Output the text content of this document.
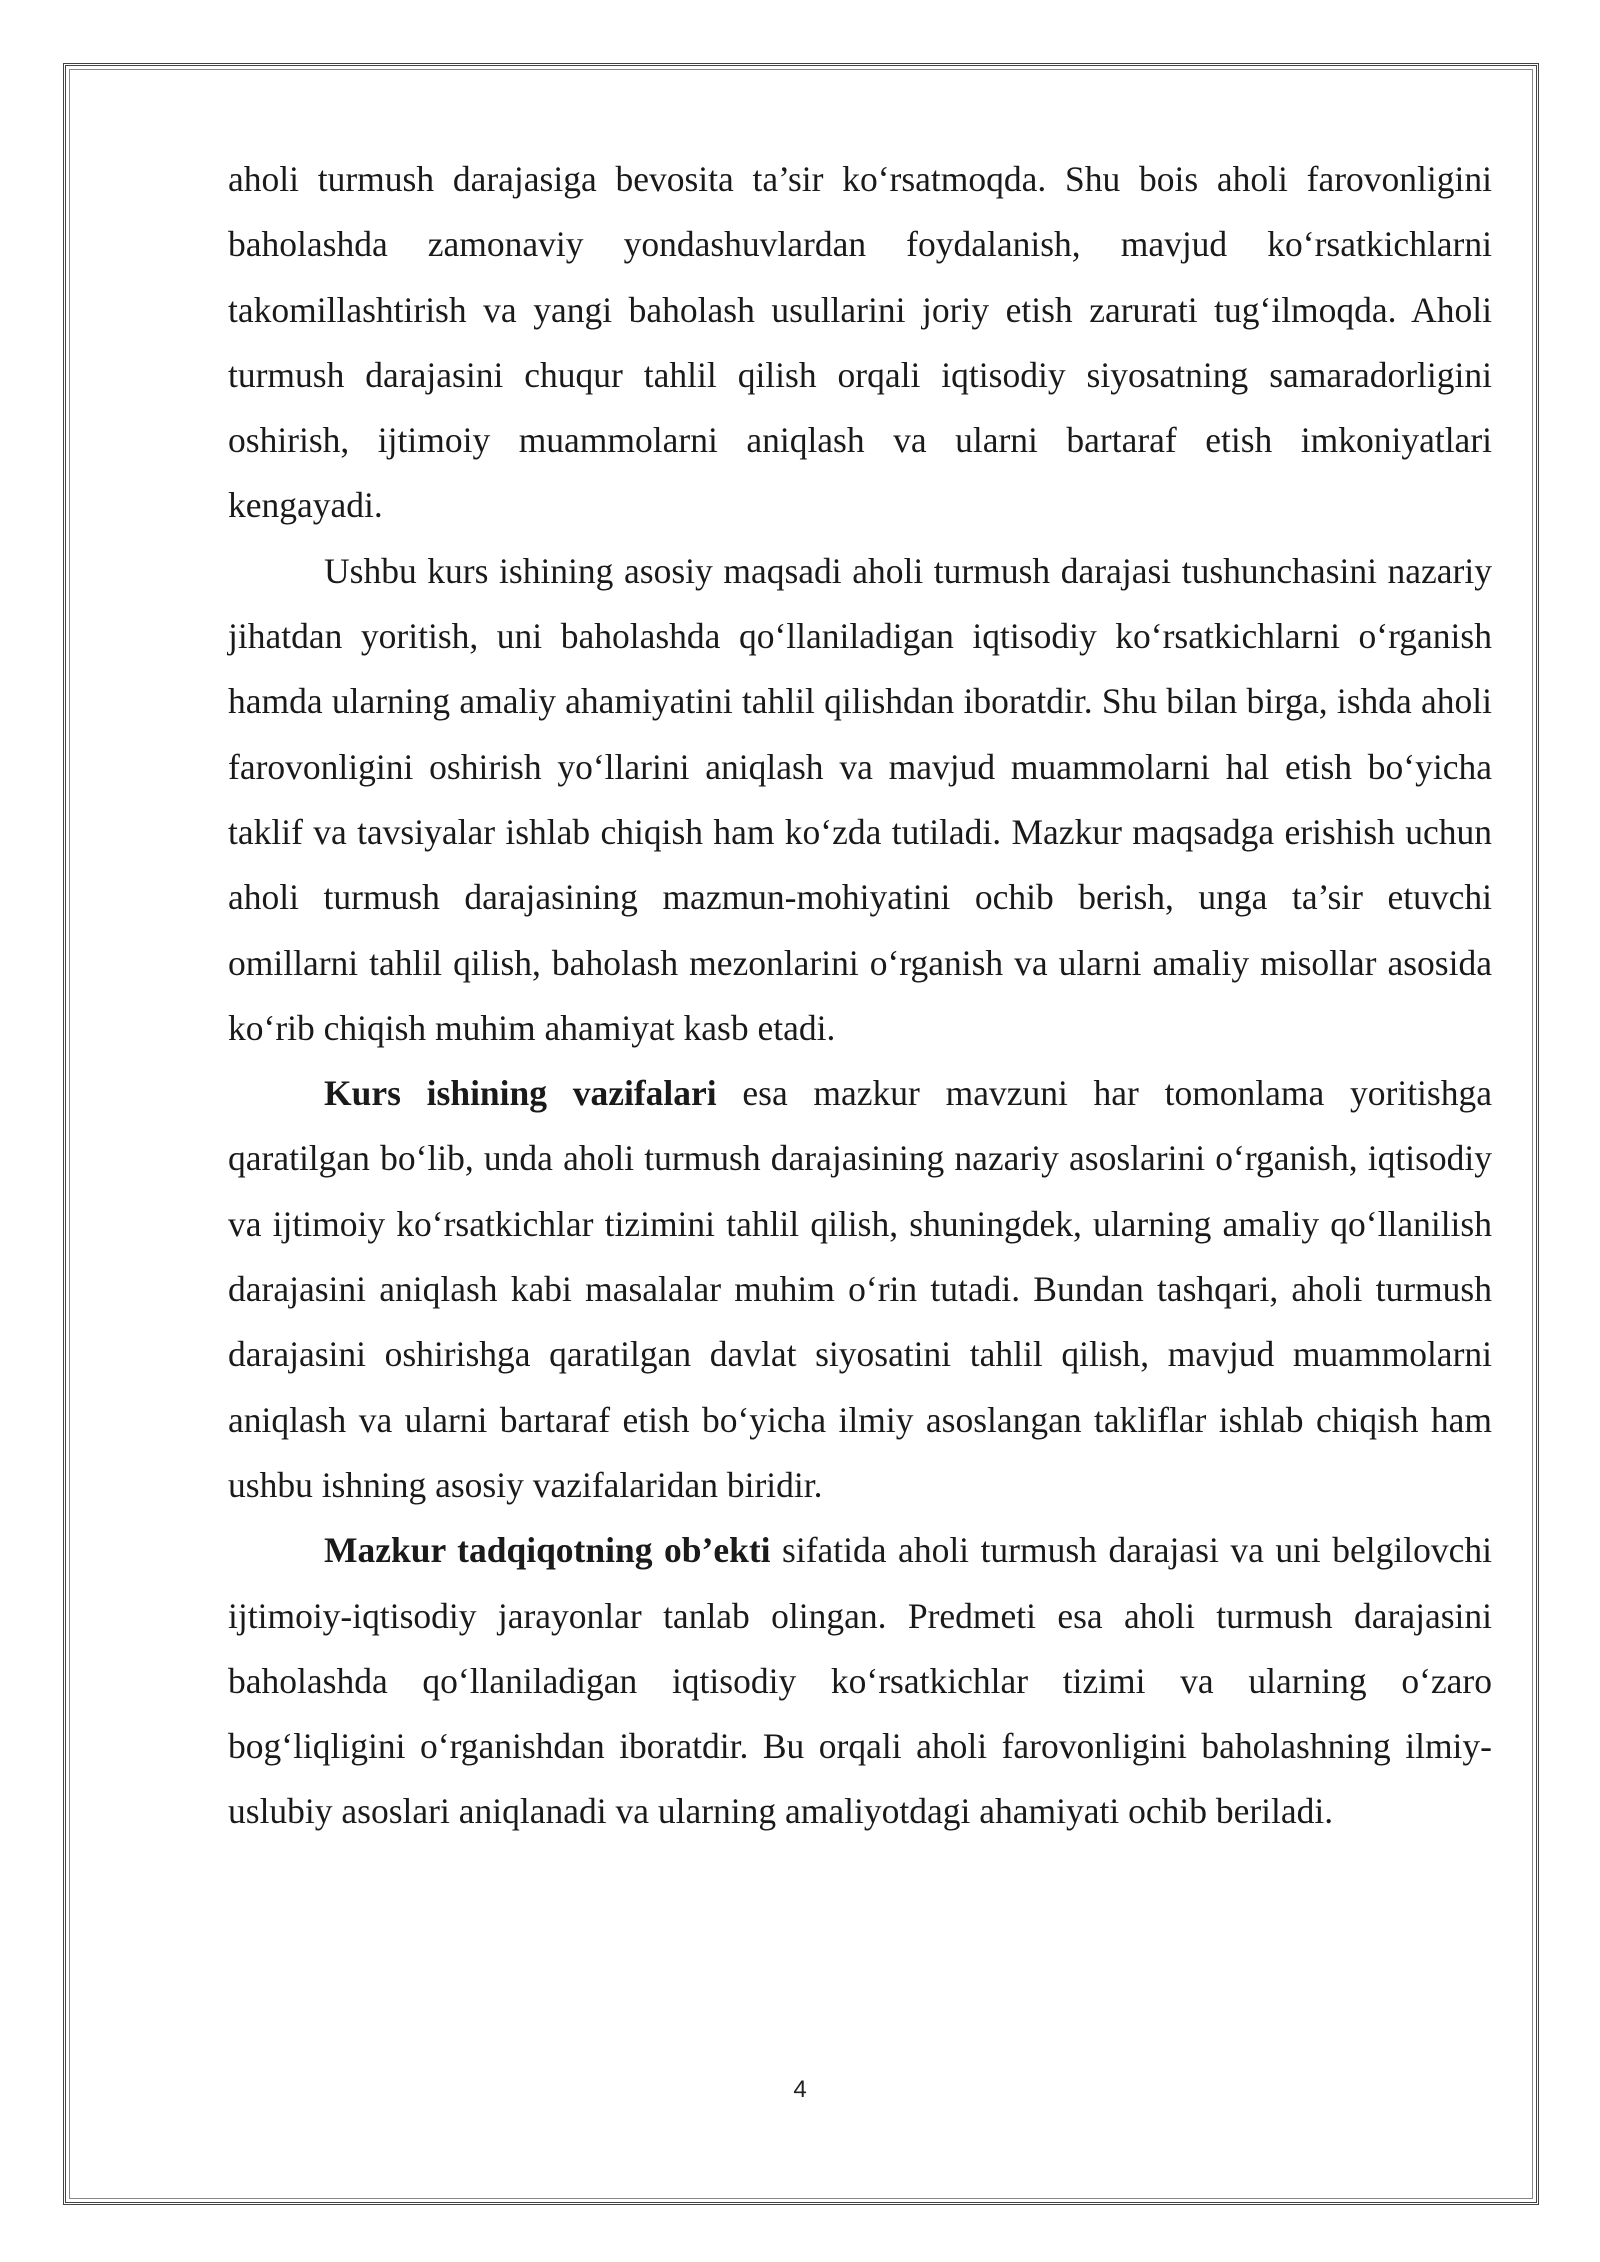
aholi turmush darajasiga bevosita ta’sir ko‘rsatmoqda. Shu bois aholi farovonligini baholashda zamonaviy yondashuvlardan foydalanish, mavjud ko‘rsatkichlarni takomillashtirish va yangi baholash usullarini joriy etish zarurati tug‘ilmoqda. Aholi turmush darajasini chuqur tahlil qilish orqali iqtisodiy siyosatning samaradorligini oshirish, ijtimoiy muammolarni aniqlash va ularni bartaraf etish imkoniyatlari kengayadi.

Ushbu kurs ishining asosiy maqsadi aholi turmush darajasi tushunchasini nazariy jihatdan yoritish, uni baholashda qo‘llaniladigan iqtisodiy ko‘rsatkichlarni o‘rganish hamda ularning amaliy ahamiyatini tahlil qilishdan iboratdir. Shu bilan birga, ishda aholi farovonligini oshirish yo‘llarini aniqlash va mavjud muammolarni hal etish bo‘yicha taklif va tavsiyalar ishlab chiqish ham ko‘zda tutiladi. Mazkur maqsadga erishish uchun aholi turmush darajasining mazmun-mohiyatini ochib berish, unga ta’sir etuvchi omillarni tahlil qilish, baholash mezonlarini o‘rganish va ularni amaliy misollar asosida ko‘rib chiqish muhim ahamiyat kasb etadi.

Kurs ishining vazifalari esa mazkur mavzuni har tomonlama yoritishga qaratilgan bo‘lib, unda aholi turmush darajasining nazariy asoslarini o‘rganish, iqtisodiy va ijtimoiy ko‘rsatkichlar tizimini tahlil qilish, shuningdek, ularning amaliy qo‘llanilish darajasini aniqlash kabi masalalar muhim o‘rin tutadi. Bundan tashqari, aholi turmush darajasini oshirishga qaratilgan davlat siyosatini tahlil qilish, mavjud muammolarni aniqlash va ularni bartaraf etish bo‘yicha ilmiy asoslangan takliflar ishlab chiqish ham ushbu ishning asosiy vazifalaridan biridir.

Mazkur tadqiqotning ob’ekti sifatida aholi turmush darajasi va uni belgilovchi ijtimoiy-iqtisodiy jarayonlar tanlab olingan. Predmeti esa aholi turmush darajasini baholashda qo‘llaniladigan iqtisodiy ko‘rsatkichlar tizimi va ularning o‘zaro bog‘liqligini o‘rganishdan iboratdir. Bu orqali aholi farovonligini baholashning ilmiy-uslubiy asoslari aniqlanadi va ularning amaliyotdagi ahamiyati ochib beriladi.

4
